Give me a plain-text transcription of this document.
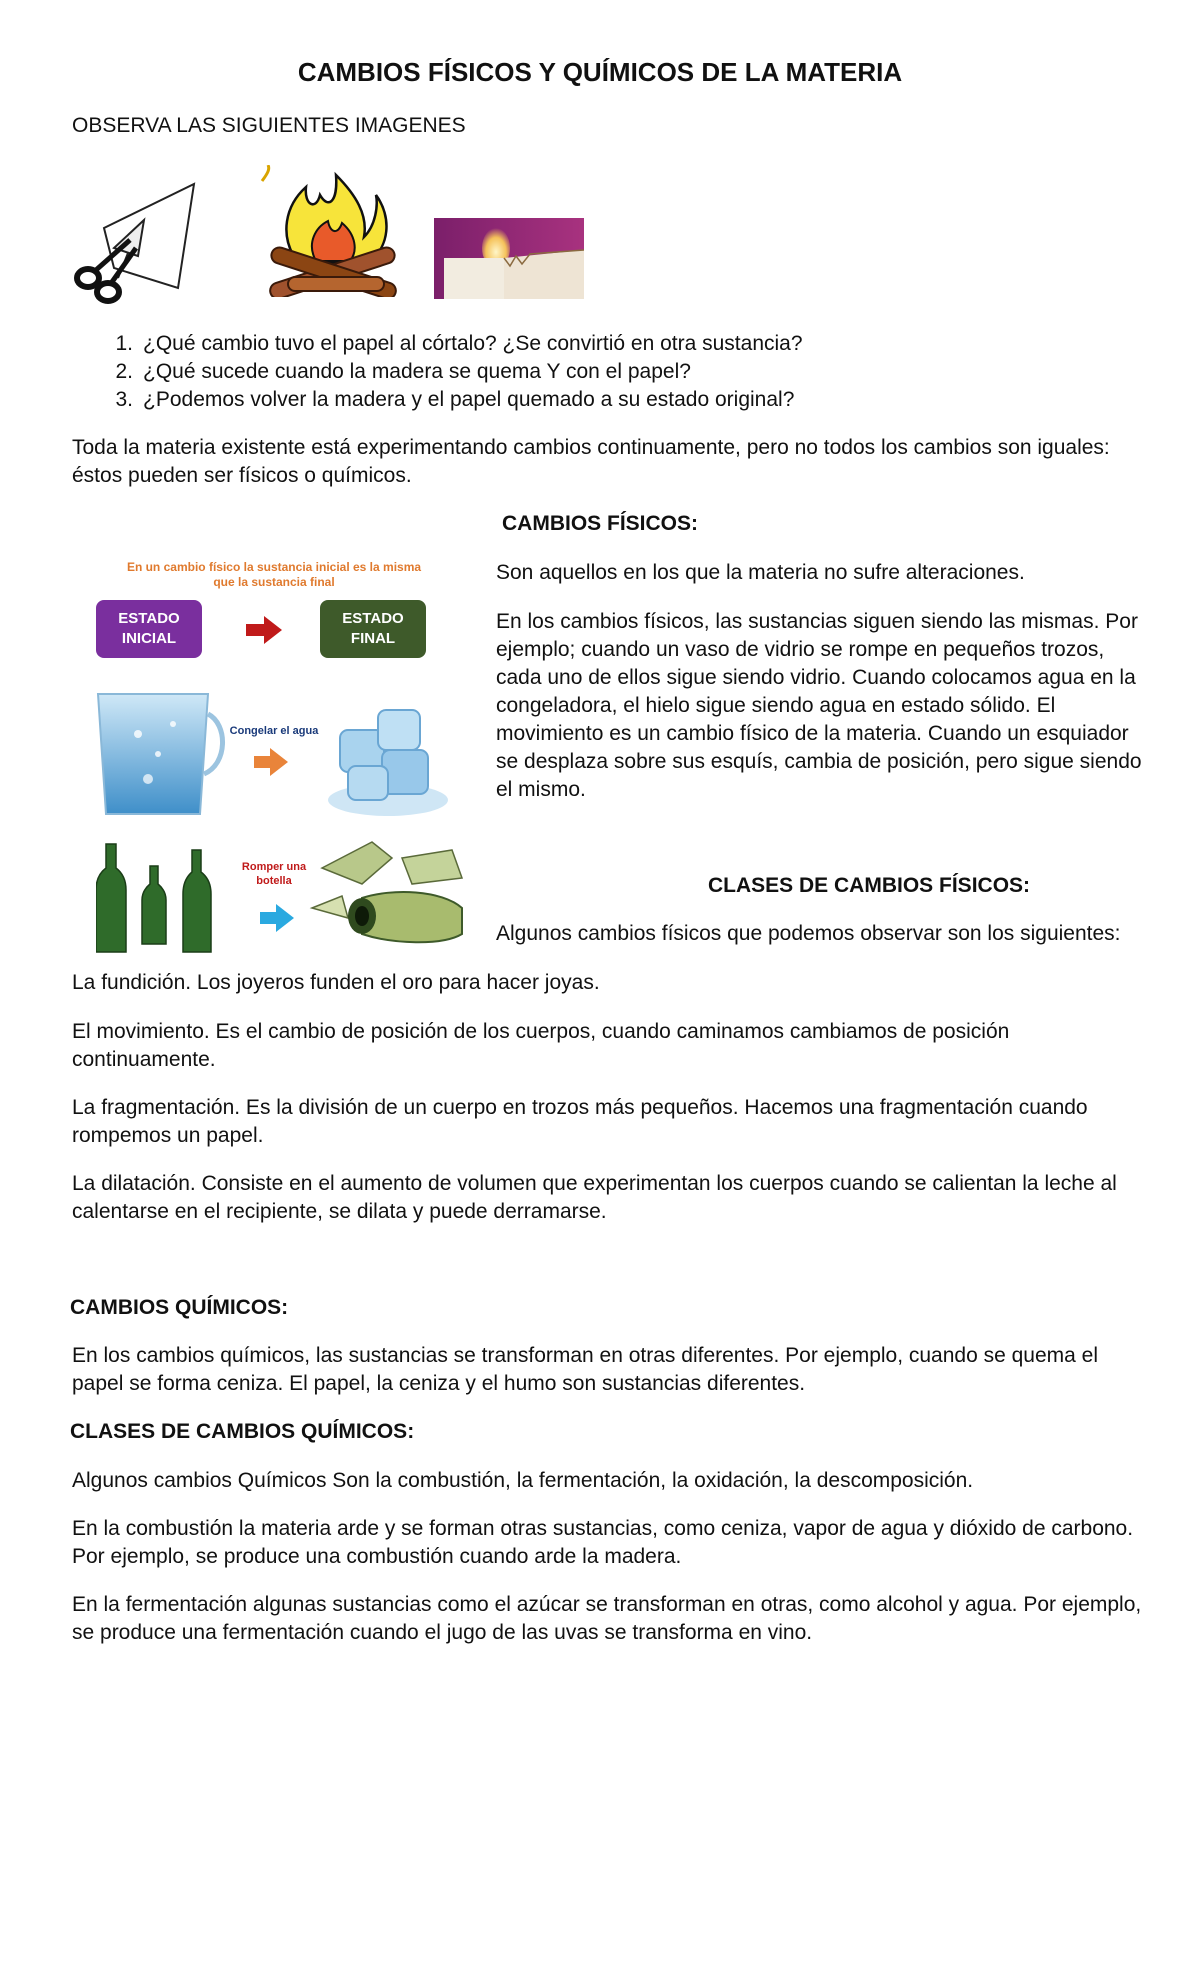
CAMBIOS FÍSICOS Y QUÍMICOS DE LA MATERIA
OBSERVA LAS SIGUIENTES IMAGENES
1. ¿Qué cambio tuvo el papel al córtalo? ¿Se convirtió en otra sustancia?
2. ¿Qué sucede cuando la madera se quema Y con el papel?
3. ¿Podemos volver la madera y el papel quemado a su estado original?
Toda la materia existente está experimentando cambios continuamente, pero no todos los cambios son iguales: éstos pueden ser físicos o químicos.
CAMBIOS FÍSICOS:
En un cambio físico la sustancia inicial es la misma
que la sustancia final
ESTADO
INICIAL
ESTADO
FINAL
Congelar el agua
Romper una
botella
Son aquellos en los que la materia no sufre alteraciones.
En los cambios físicos, las sustancias siguen siendo las mismas. Por ejemplo; cuando un vaso de vidrio se rompe en pequeños trozos, cada uno de ellos sigue siendo vidrio. Cuando colocamos agua en la congeladora, el hielo sigue siendo agua en estado sólido. El movimiento es un cambio físico de la materia. Cuando un esquiador se desplaza sobre sus esquís, cambia de posición, pero sigue siendo el mismo.
CLASES DE CAMBIOS FÍSICOS:
Algunos cambios físicos que podemos observar son los siguientes:
La fundición. Los joyeros funden el oro para hacer joyas.
El movimiento. Es el cambio de posición de los cuerpos, cuando caminamos cambiamos de posición continuamente.
La fragmentación. Es la división de un cuerpo en trozos más pequeños. Hacemos una fragmentación cuando rompemos un papel.
La dilatación. Consiste en el aumento de volumen que experimentan los cuerpos cuando se calientan la leche al calentarse en el recipiente, se dilata y puede derramarse.
CAMBIOS QUÍMICOS:
En los cambios químicos, las sustancias se transforman en otras diferentes. Por ejemplo, cuando se quema el papel se forma ceniza. El papel, la ceniza y el humo son sustancias diferentes.
CLASES DE CAMBIOS QUÍMICOS:
Algunos cambios Químicos Son la combustión, la fermentación, la oxidación, la descomposición.
En la combustión la materia arde y se forman otras sustancias, como ceniza, vapor de agua y dióxido de carbono. Por ejemplo, se produce una combustión cuando arde la madera.
En la fermentación algunas sustancias como el azúcar se transforman en otras, como alcohol y agua. Por ejemplo, se produce una fermentación cuando el jugo de las uvas se transforma en vino.
